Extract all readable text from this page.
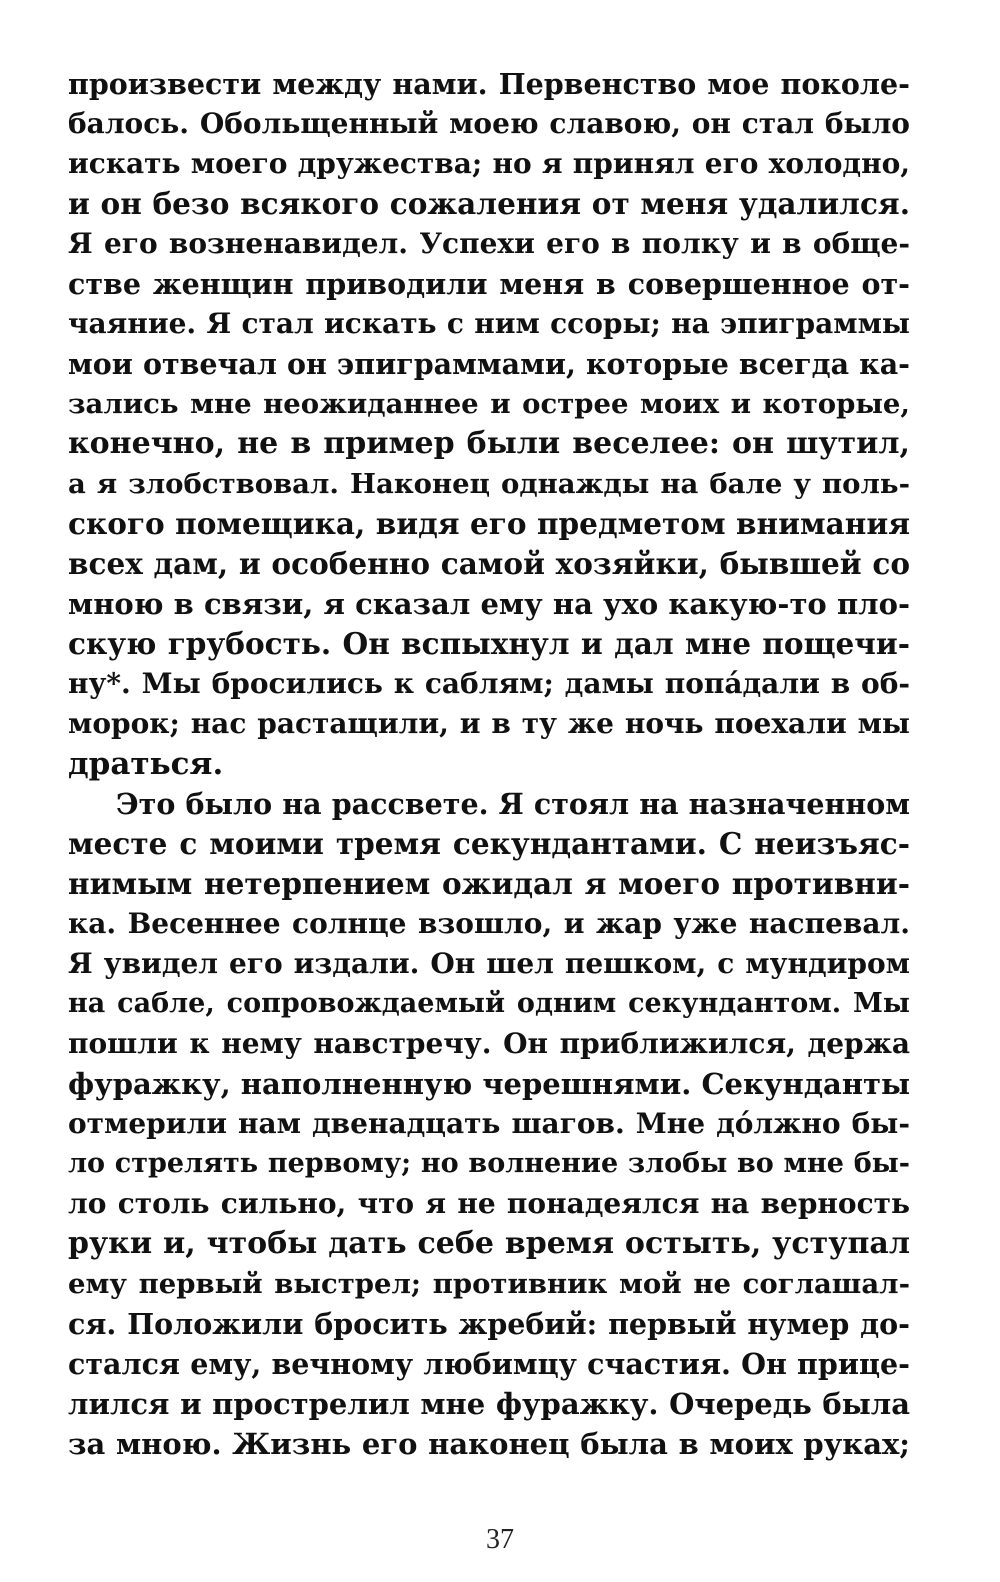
произвести между нами. Первенство мое поколе-
балось. Обольщенный моею славою, он стал было
искать моего дружества; но я принял его холодно,
и он безо всякого сожаления от меня удалился.
Я его возненавидел. Успехи его в полку и в обще-
стве женщин приводили меня в совершенное от-
чаяние. Я стал искать с ним ссоры; на эпиграммы
мои отвечал он эпиграммами, которые всегда ка-
зались мне неожиданнее и острее моих и которые,
конечно, не в пример были веселее: он шутил,
а я злобствовал. Наконец однажды на бале у поль-
ского помещика, видя его предметом внимания
всех дам, и особенно самой хозяйки, бывшей со
мною в связи, я сказал ему на ухо какую-то пло-
скую грубость. Он вспыхнул и дал мне пощечи-
ну*. Мы бросились к саблям; дамы попа́дали в об-
морок; нас растащили, и в ту же ночь поехали мы
драться.
Это было на рассвете. Я стоял на назначенном
месте с моими тремя секундантами. С неизъяс-
нимым нетерпением ожидал я моего противни-
ка. Весеннее солнце взошло, и жар уже наспевал.
Я увидел его издали. Он шел пешком, с мундиром
на сабле, сопровождаемый одним секундантом. Мы
пошли к нему навстречу. Он приближился, держа
фуражку, наполненную черешнями. Секунданты
отмерили нам двенадцать шагов. Мне до́лжно бы-
ло стрелять первому; но волнение злобы во мне бы-
ло столь сильно, что я не понадеялся на верность
руки и, чтобы дать себе время остыть, уступал
ему первый выстрел; противник мой не соглашал-
ся. Положили бросить жребий: первый нумер до-
стался ему, вечному любимцу счастия. Он прице-
лился и прострелил мне фуражку. Очередь была
за мною. Жизнь его наконец была в моих руках;
37
